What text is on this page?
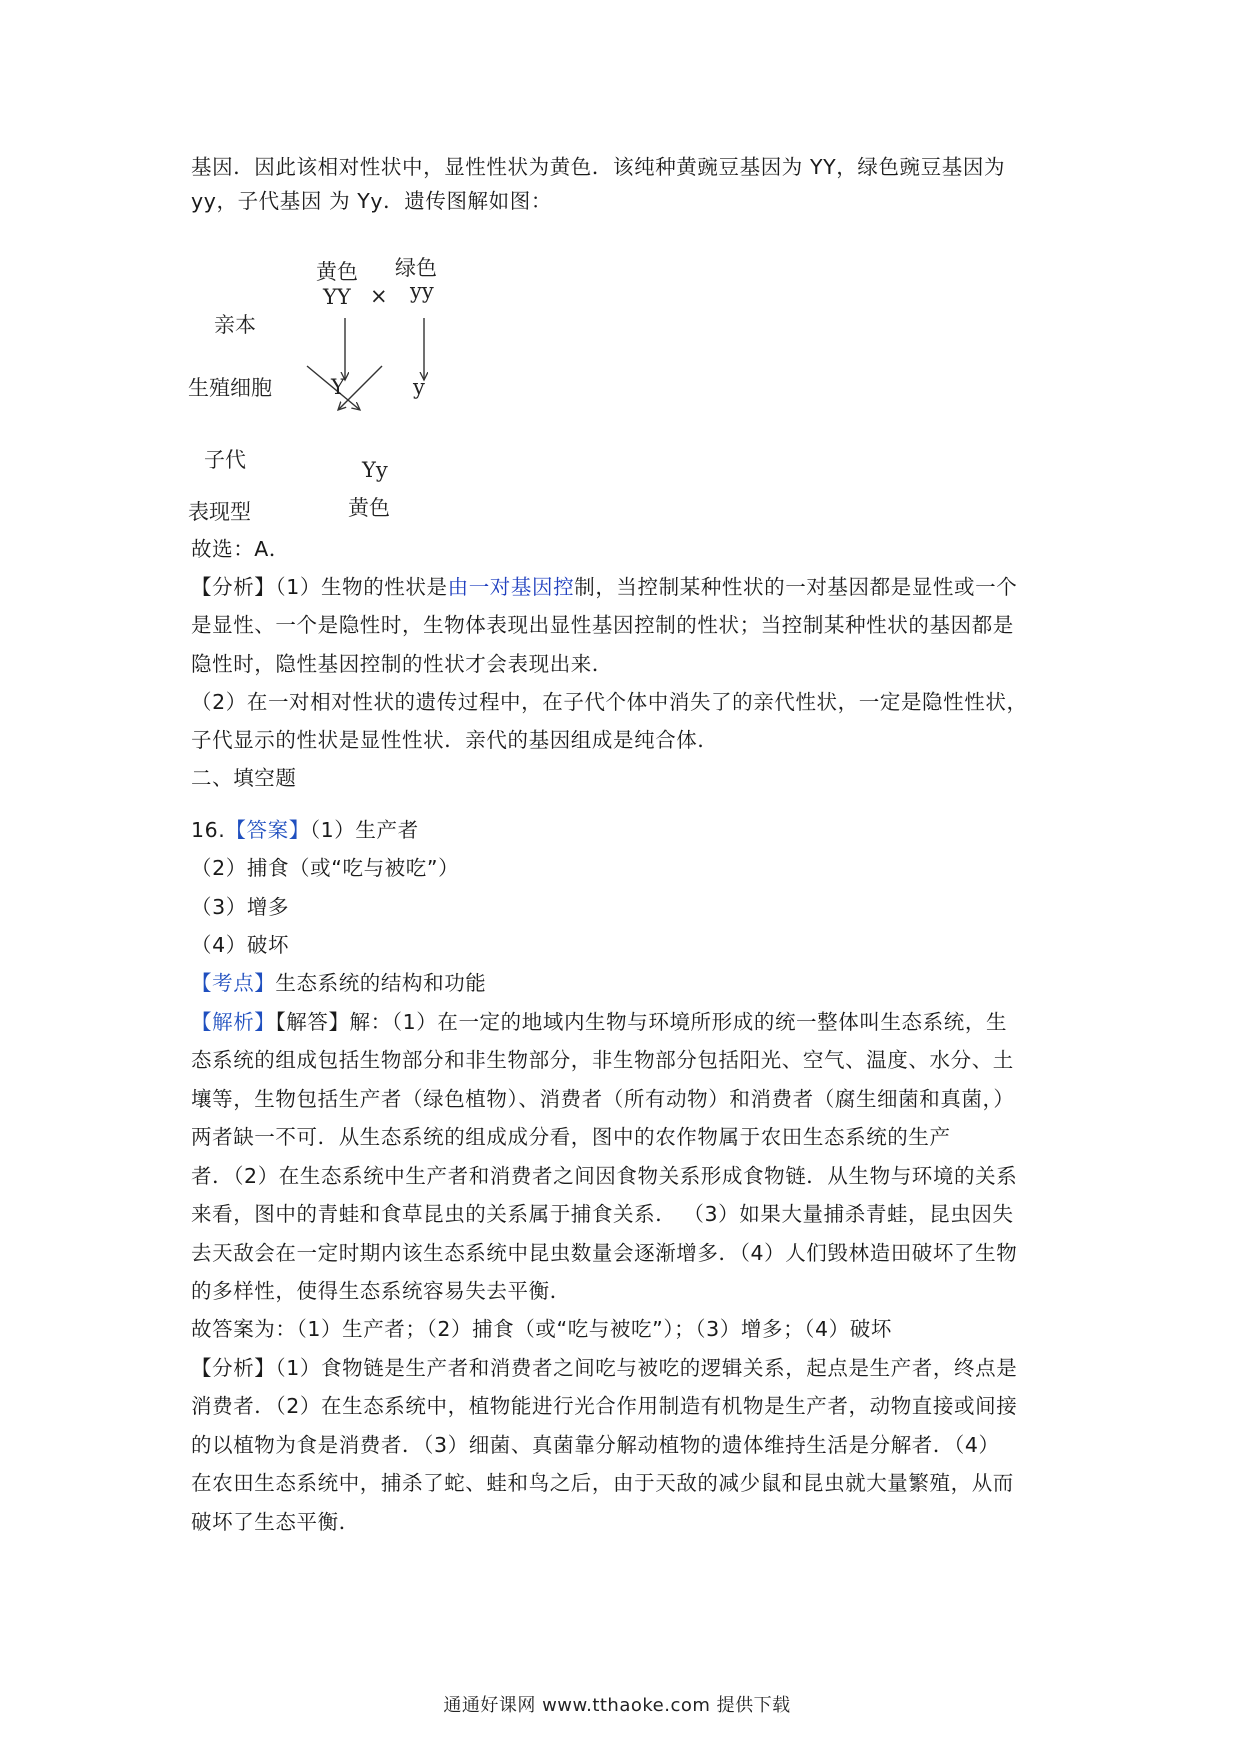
基因．因此该相对性状中，显性性状为黄色．该纯种黄豌豆基因为 YY，绿色豌豆基因为
yy，子代基因 为 Yy．遗传图解如图：
亲本
生殖细胞
子代
表现型
黄色
YY ×
绿色
yy
Y	y
Yy
黄色
故选：A．
【分析】（1）生物的性状是由一对基因控制，当控制某种性状的一对基因都是显性或一个
是显性、一个是隐性时，生物体表现出显性基因控制的性状；当控制某种性状的基因都是
隐性时，隐性基因控制的性状才会表现出来．
（2）在一对相对性状的遗传过程中，在子代个体中消失了的亲代性状，一定是隐性性状，
子代显示的性状是显性性状．亲代的基因组成是纯合体．
二、填空题
16.【答案】（1）生产者
（2）捕食（或“吃与被吃”）
（3）增多
（4）破坏
【考点】生态系统的结构和功能
【解析】【解答】解：（1）在一定的地域内生物与环境所形成的统一整体叫生态系统，生
态系统的组成包括生物部分和非生物部分，非生物部分包括阳光、空气、温度、水分、土
壤等，生物包括生产者（绿色植物）、消费者（所有动物）和消费者（腐生细菌和真菌，）
两者缺一不可．从生态系统的组成成分看，图中的农作物属于农田生态系统的生产
者．（2）在生态系统中生产者和消费者之间因食物关系形成食物链．从生物与环境的关系
来看，图中的青蛙和食草昆虫的关系属于捕食关系． （3）如果大量捕杀青蛙，昆虫因失
去天敌会在一定时期内该生态系统中昆虫数量会逐渐增多．（4）人们毁林造田破坏了生物
的多样性，使得生态系统容易失去平衡．
故答案为：（1）生产者；（2）捕食（或“吃与被吃”）；（3）增多；（4）破坏
【分析】（1）食物链是生产者和消费者之间吃与被吃的逻辑关系，起点是生产者，终点是
消费者．（2）在生态系统中，植物能进行光合作用制造有机物是生产者，动物直接或间接
的以植物为食是消费者．（3）细菌、真菌靠分解动植物的遗体维持生活是分解者．（4）
在农田生态系统中，捕杀了蛇、蛙和鸟之后，由于天敌的减少鼠和昆虫就大量繁殖，从而
破坏了生态平衡．
通通好课网 www.tthaoke.com 提供下载
